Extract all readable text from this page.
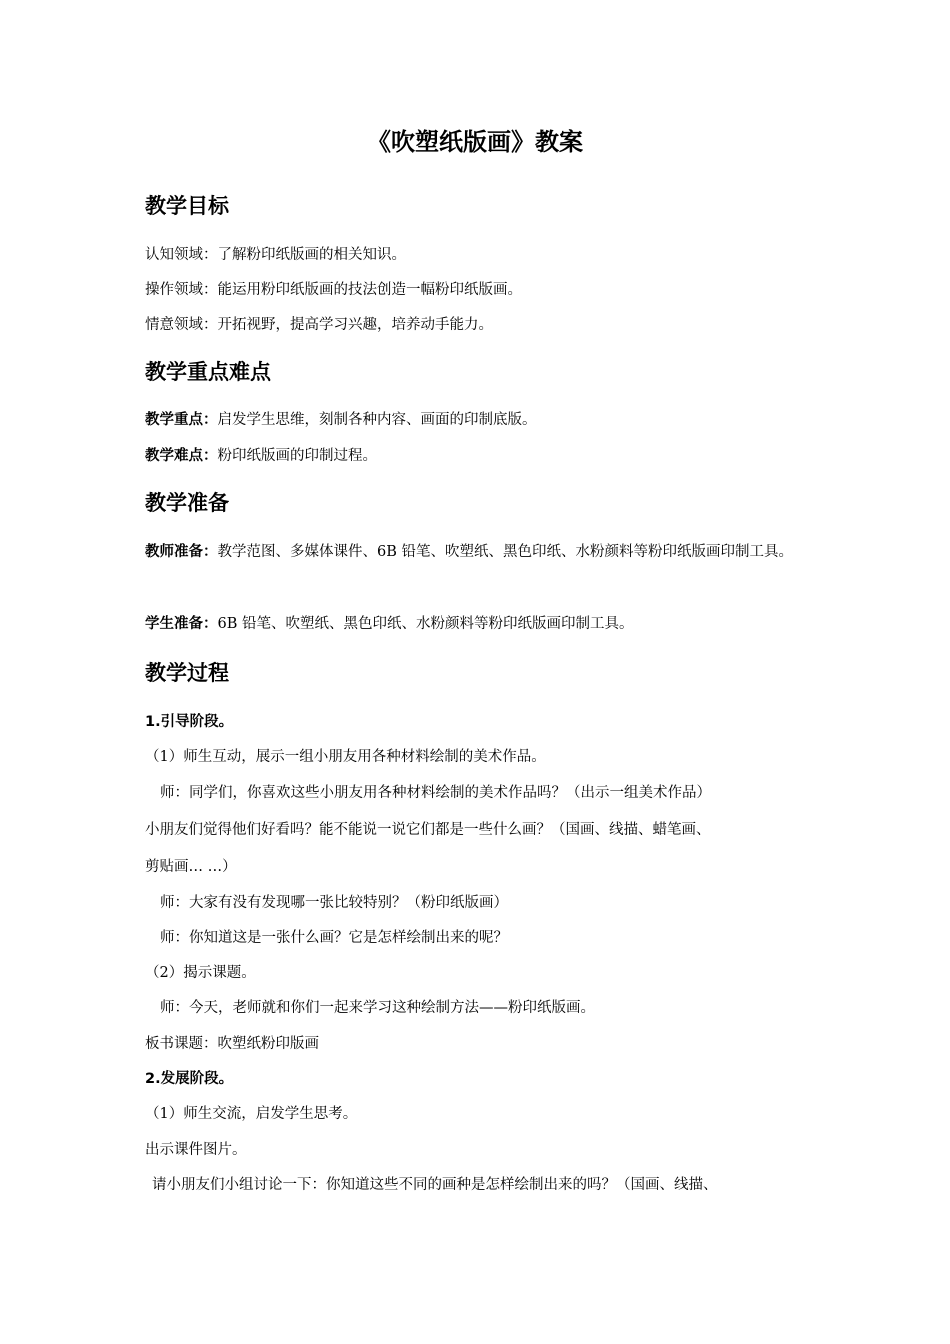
《吹塑纸版画》教案
教学目标

认知领域：了解粉印纸版画的相关知识。

操作领域：能运用粉印纸版画的技法创造一幅粉印纸版画。

情意领域：开拓视野，提高学习兴趣，培养动手能力。

教学重点难点

教学重点：启发学生思维，刻制各种内容、画面的印制底版。

教学难点：粉印纸版画的印制过程。

教学准备

教师准备：教学范图、多媒体课件、6B 铅笔、吹塑纸、黑色印纸、水粉颜料等粉印纸版画印制工具。

学生准备：6B 铅笔、吹塑纸、黑色印纸、水粉颜料等粉印纸版画印制工具。

教学过程

1.引导阶段。

（1）师生互动，展示一组小朋友用各种材料绘制的美术作品。

师：同学们，你喜欢这些小朋友用各种材料绘制的美术作品吗？（出示一组美术作品）

小朋友们觉得他们好看吗？能不能说一说它们都是一些什么画？（国画、线描、蜡笔画、

剪贴画… …）

师：大家有没有发现哪一张比较特别？（粉印纸版画）

师：你知道这是一张什么画？它是怎样绘制出来的呢？

（2）揭示课题。

师：今天，老师就和你们一起来学习这种绘制方法——粉印纸版画。

板书课题：吹塑纸粉印版画

2.发展阶段。

（1）师生交流，启发学生思考。

出示课件图片。

请小朋友们小组讨论一下：你知道这些不同的画种是怎样绘制出来的吗？（国画、线描、
